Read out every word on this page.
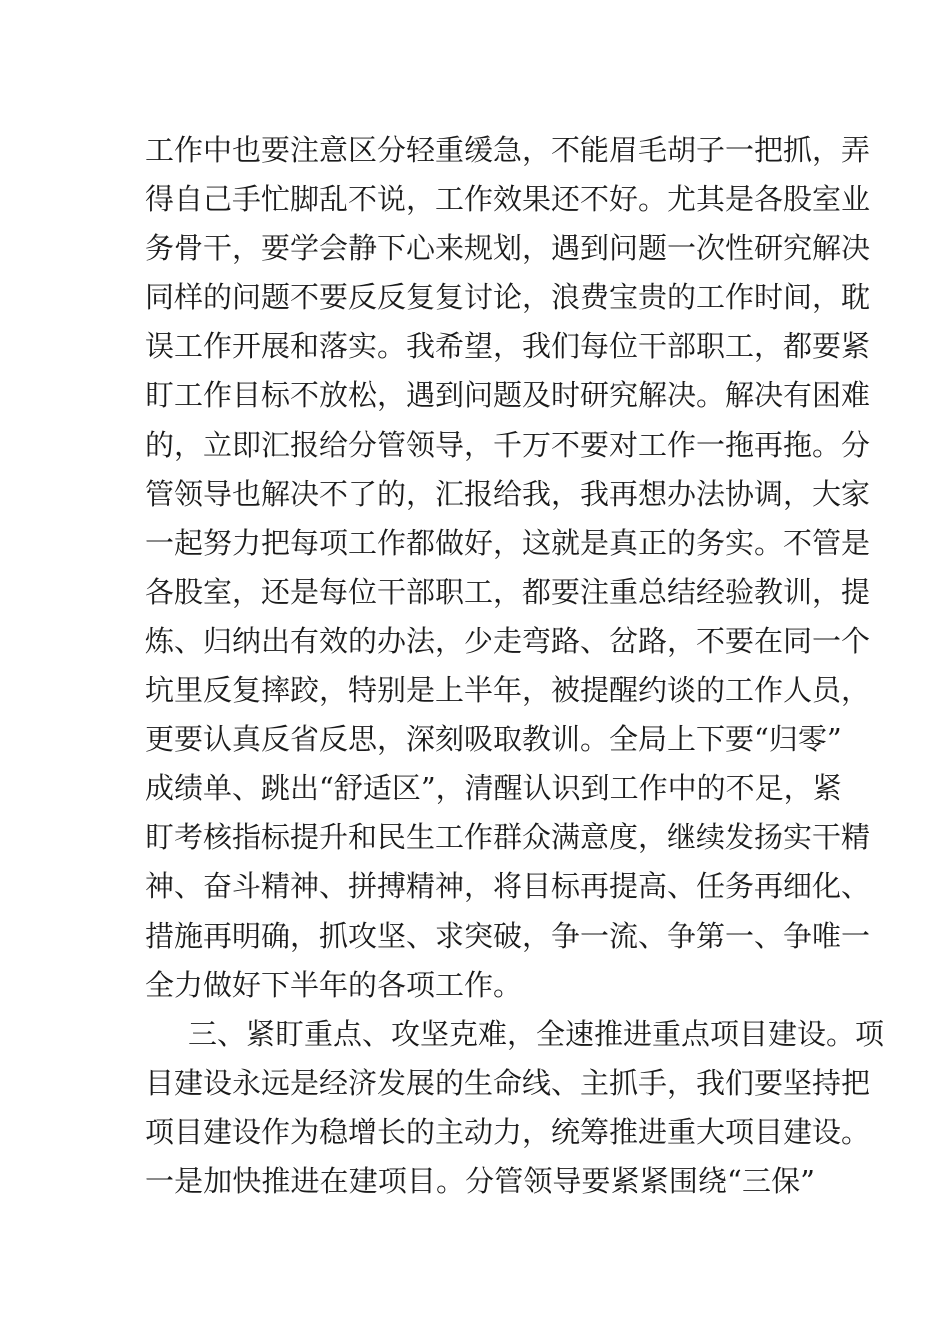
工作中也要注意区分轻重缓急，不能眉毛胡子一把抓，弄
得自己手忙脚乱不说，工作效果还不好。尤其是各股室业
务骨干，要学会静下心来规划，遇到问题一次性研究解决
同样的问题不要反反复复讨论，浪费宝贵的工作时间，耽
误工作开展和落实。我希望，我们每位干部职工，都要紧
盯工作目标不放松，遇到问题及时研究解决。解决有困难
的，立即汇报给分管领导，千万不要对工作一拖再拖。分
管领导也解决不了的，汇报给我，我再想办法协调，大家
一起努力把每项工作都做好，这就是真正的务实。不管是
各股室，还是每位干部职工，都要注重总结经验教训，提
炼、归纳出有效的办法，少走弯路、岔路，不要在同一个
坑里反复摔跤，特别是上半年，被提醒约谈的工作人员，
更要认真反省反思，深刻吸取教训。全局上下要“归零”
成绩单、跳出“舒适区”，清醒认识到工作中的不足，紧
盯考核指标提升和民生工作群众满意度，继续发扬实干精
神、奋斗精神、拼搏精神，将目标再提高、任务再细化、
措施再明确，抓攻坚、求突破，争一流、争第一、争唯一
全力做好下半年的各项工作。
三、紧盯重点、攻坚克难，全速推进重点项目建设。项
目建设永远是经济发展的生命线、主抓手，我们要坚持把
项目建设作为稳增长的主动力，统筹推进重大项目建设。
一是加快推进在建项目。分管领导要紧紧围绕“三保”
